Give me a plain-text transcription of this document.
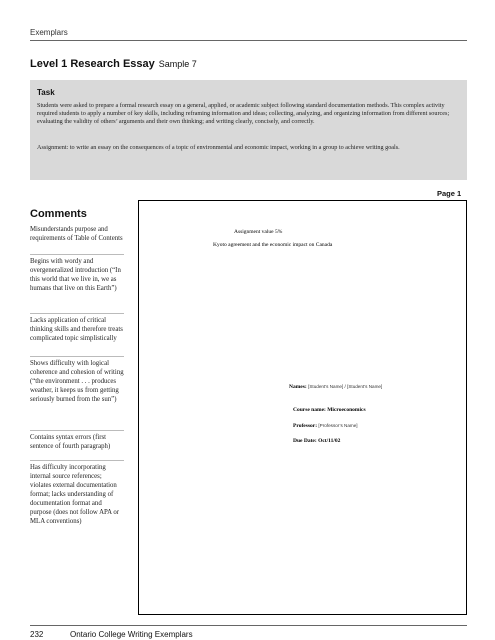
Exemplars
Level 1 Research Essay Sample 7
Task
Students were asked to prepare a formal research essay on a general, applied, or academic subject following standard documentation methods. This complex activity required students to apply a number of key skills, including reframing information and ideas; collecting, analyzing, and organizing information from different sources; evaluating the validity of others’ arguments and their own thinking; and writing clearly, concisely, and correctly.
Assignment: to write an essay on the consequences of a topic of environmental and economic impact, working in a group to achieve writing goals.
Page 1
Comments
Misunderstands purpose and requirements of Table of Contents
Begins with wordy and overgeneralized introduction (“In this world that we live in, we as humans that live on this Earth”)
Lacks application of critical thinking skills and therefore treats complicated topic simplistically
Shows difficulty with logical coherence and cohesion of writing (“the environment . . . produces weather, it keeps us from getting seriously burned from the sun”)
Contains syntax errors (first sentence of fourth paragraph)
Has difficulty incorporating internal source references; violates external documentation format; lacks understanding of documentation format and purpose (does not follow APA or MLA conventions)
Assignment value 5%
Kyoto agreement and the economic impact on Canada
Names: [Student’s Name] / [Student’s Name]
Course name: Microeconomics
Professor: [Professor’s Name]
Due Date: Oct/11/02
232	Ontario College Writing Exemplars
